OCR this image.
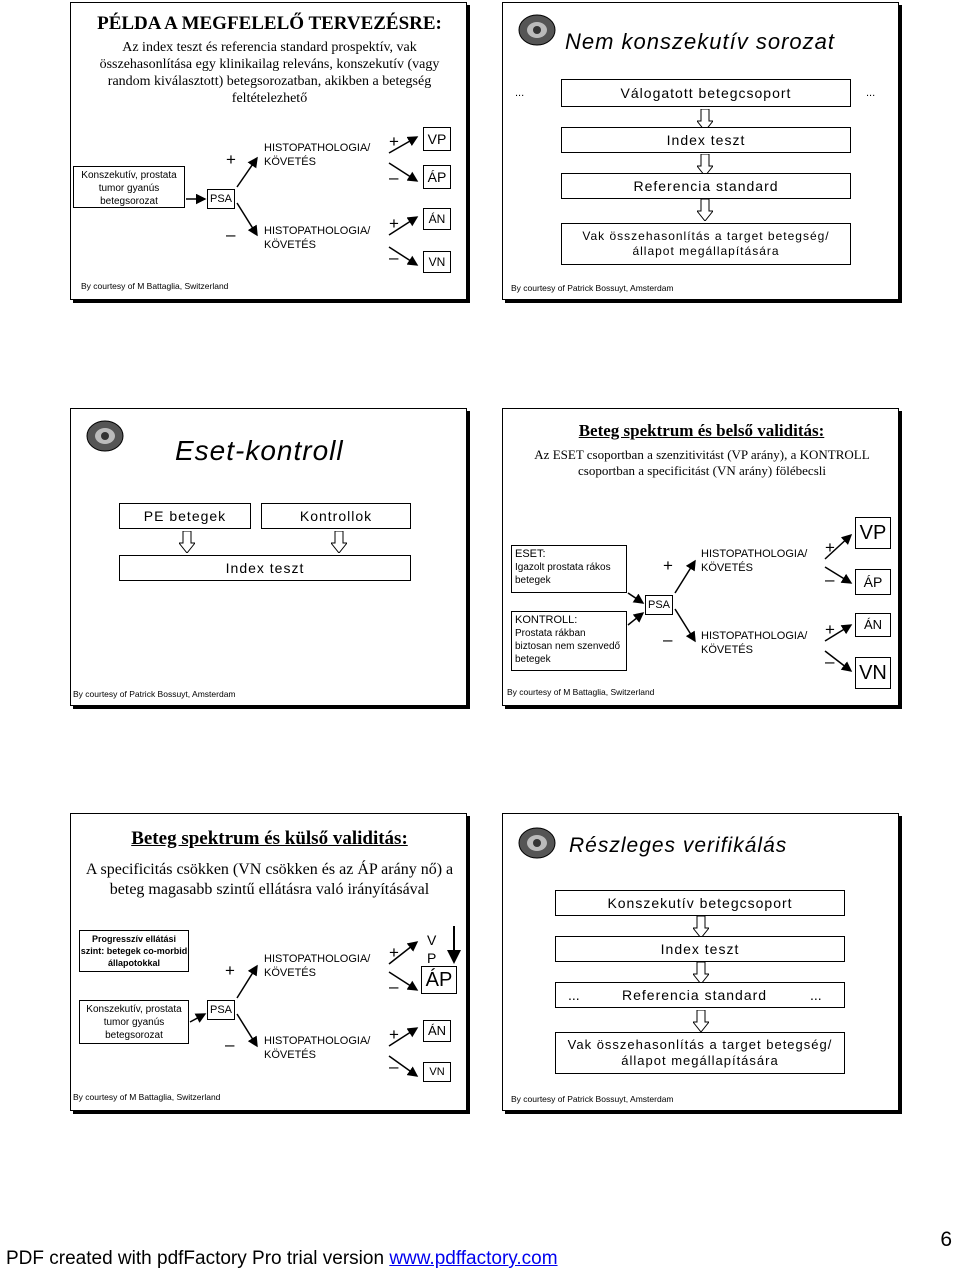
PÉLDA A MEGFELELŐ TERVEZÉSRE:
Az index teszt és referencia standard prospektív, vak összehasonlítása egy klinikailag releváns, konszekutív (vagy random kiválasztott) betegsorozatban, akikben a betegség feltételezhető
Konszekutív, prostata tumor gyanús betegsorozat	PSA
+
–
HISTOPATHOLOGIA/ KÖVETÉS
HISTOPATHOLOGIA/ KÖVETÉS
+
–
+
–
VP
ÁP
ÁN
VN
By courtesy of M Battaglia, Switzerland
Nem konszekutív sorozat
...	Válogatott betegcsoport	...
Index teszt
Referencia standard
Vak összehasonlítás a target betegség/ állapot megállapítására
By courtesy of Patrick Bossuyt, Amsterdam
Eset-kontroll
PE betegek	Kontrollok
Index teszt
By courtesy of Patrick Bossuyt, Amsterdam
Beteg spektrum és belső validitás:
Az ESET csoportban a szenzitivitást (VP arány), a KONTROLL csoportban a specificitást (VN arány) fölébecsli
ESET:
Igazolt prostata rákos betegek
KONTROLL:
Prostata rákban biztosan nem szenvedő betegek
PSA
+
–
HISTOPATHOLOGIA/ KÖVETÉS
HISTOPATHOLOGIA/ KÖVETÉS
+
–
+
–
VP
ÁP
ÁN
VN
By courtesy of M Battaglia, Switzerland
Beteg spektrum és külső validitás:
A specificitás csökken (VN csökken és az ÁP arány nő) a beteg magasabb szintű ellátásra való irányításával
Progresszív ellátási szint: betegek co-morbid állapotokkal
Konszekutív, prostata tumor gyanús betegsorozat
PSA
+
–
HISTOPATHOLOGIA/ KÖVETÉS
HISTOPATHOLOGIA/ KÖVETÉS
+
–
+
–
V
P
ÁP
ÁN
VN
By courtesy of M Battaglia, Switzerland
Részleges verifikálás
Konszekutív betegcsoport
Index teszt
...	Referencia standard	...
Vak összehasonlítás a target betegség/ állapot megállapítására
By courtesy of Patrick Bossuyt, Amsterdam
6
PDF created with pdfFactory Pro trial version www.pdffactory.com
